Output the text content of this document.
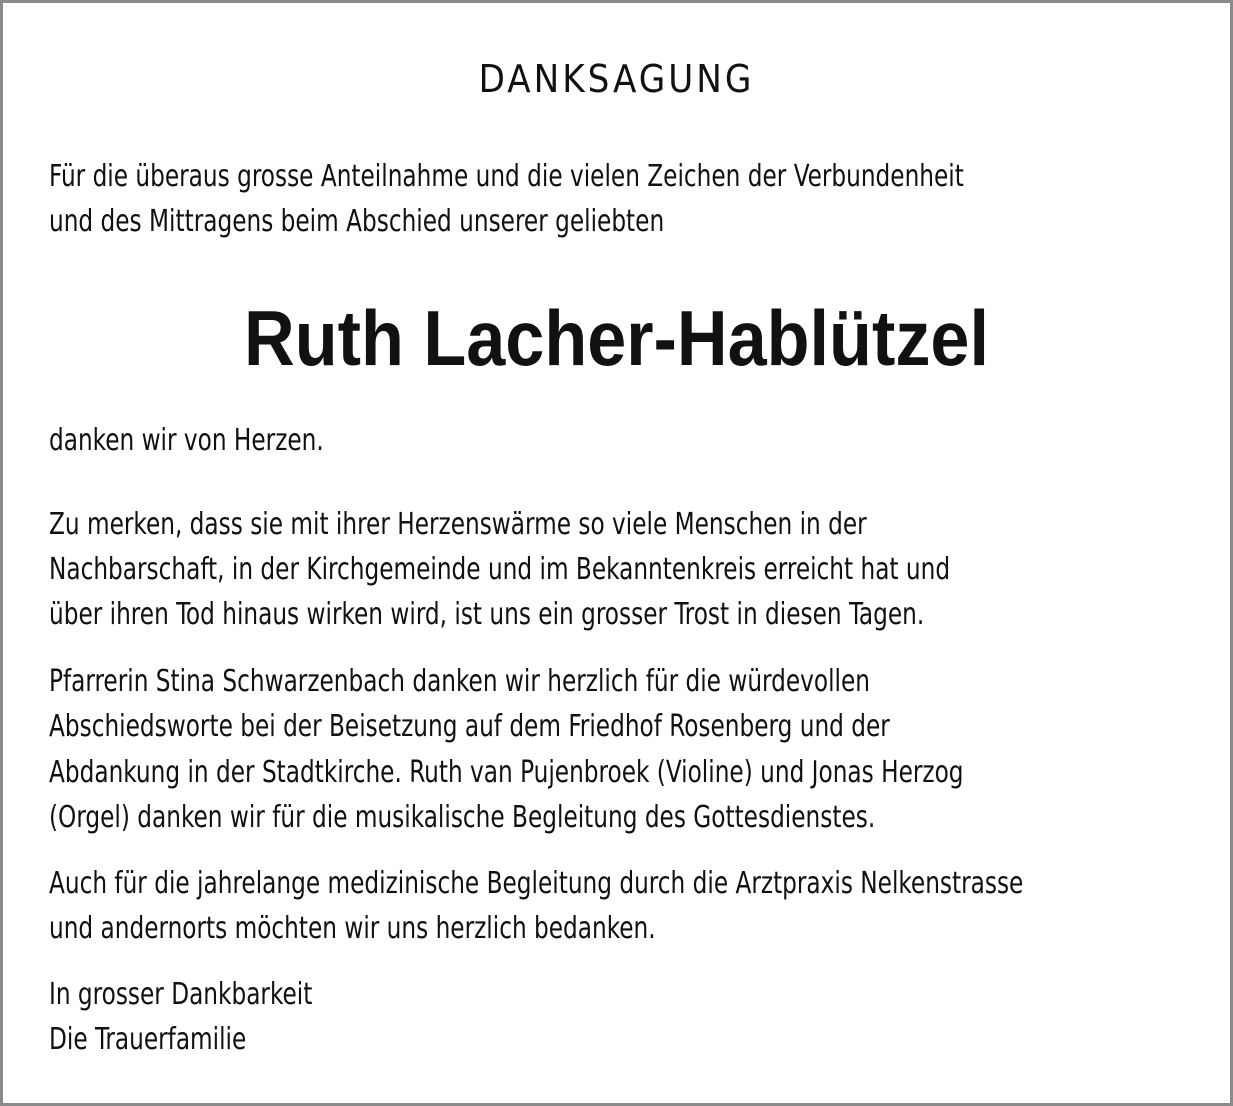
DANKSAGUNG

Für die überaus grosse Anteilnahme und die vielen Zeichen der Verbundenheit

und des Mittragens beim Abschied unserer geliebten

Ruth Lacher-Hablützel

danken wir von Herzen.

Zu merken, dass sie mit ihrer Herzenswärme so viele Menschen in der

Nachbarschaft, in der Kirchgemeinde und im Bekanntenkreis erreicht hat und

über ihren Tod hinaus wirken wird, ist uns ein grosser Trost in diesen Tagen.

Pfarrerin Stina Schwarzenbach danken wir herzlich für die würdevollen

Abschiedsworte bei der Beisetzung auf dem Friedhof Rosenberg und der

Abdankung in der Stadtkirche. Ruth van Pujenbroek (Violine) und Jonas Herzog

(Orgel) danken wir für die musikalische Begleitung des Gottesdienstes.

Auch für die jahrelange medizinische Begleitung durch die Arztpraxis Nelkenstrasse

und andernorts möchten wir uns herzlich bedanken.

In grosser Dankbarkeit

Die Trauerfamilie
